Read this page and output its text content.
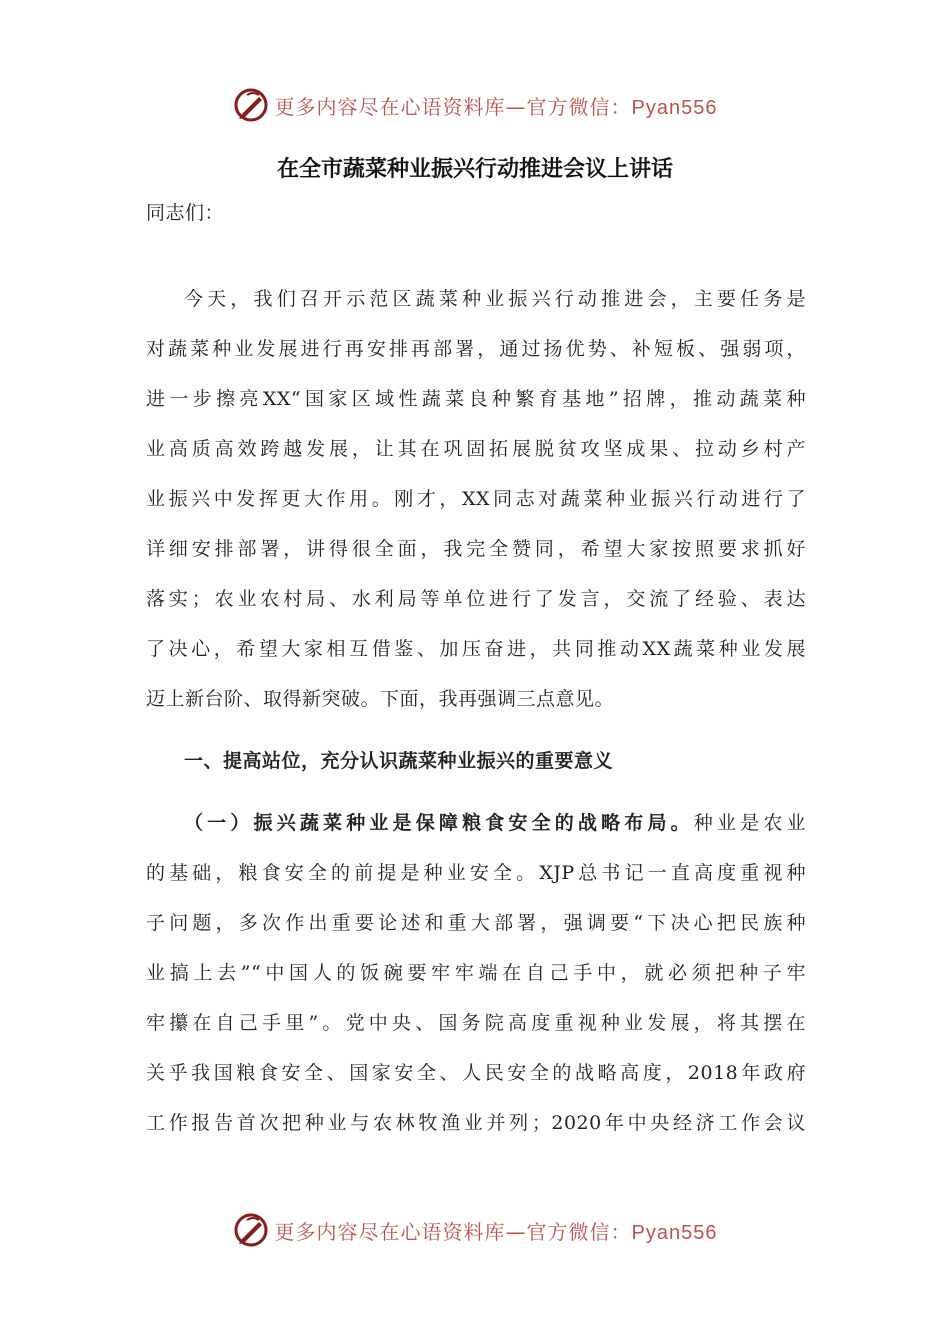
更多内容尽在心语资料库—官方微信：Pyan556
在全市蔬菜种业振兴行动推进会议上讲话
同志们：
今天，我们召开示范区蔬菜种业振兴行动推进会，主要任务是
对蔬菜种业发展进行再安排再部署，通过扬优势、补短板、强弱项，
进一步擦亮XX“国家区域性蔬菜良种繁育基地”招牌，推动蔬菜种
业高质高效跨越发展，让其在巩固拓展脱贫攻坚成果、拉动乡村产
业振兴中发挥更大作用。刚才，XX同志对蔬菜种业振兴行动进行了
详细安排部署，讲得很全面，我完全赞同，希望大家按照要求抓好
落实；农业农村局、水利局等单位进行了发言，交流了经验、表达
了决心，希望大家相互借鉴、加压奋进，共同推动XX蔬菜种业发展
迈上新台阶、取得新突破。下面，我再强调三点意见。
一、提高站位，充分认识蔬菜种业振兴的重要意义
（一）振兴蔬菜种业是保障粮食安全的战略布局。种业是农业
的基础，粮食安全的前提是种业安全。XJP总书记一直高度重视种
子问题，多次作出重要论述和重大部署，强调要“下决心把民族种
业搞上去”“中国人的饭碗要牢牢端在自己手中，就必须把种子牢
牢攥在自己手里”。党中央、国务院高度重视种业发展，将其摆在
关乎我国粮食安全、国家安全、人民安全的战略高度，2018年政府
工作报告首次把种业与农林牧渔业并列；2020年中央经济工作会议
更多内容尽在心语资料库—官方微信：Pyan556
